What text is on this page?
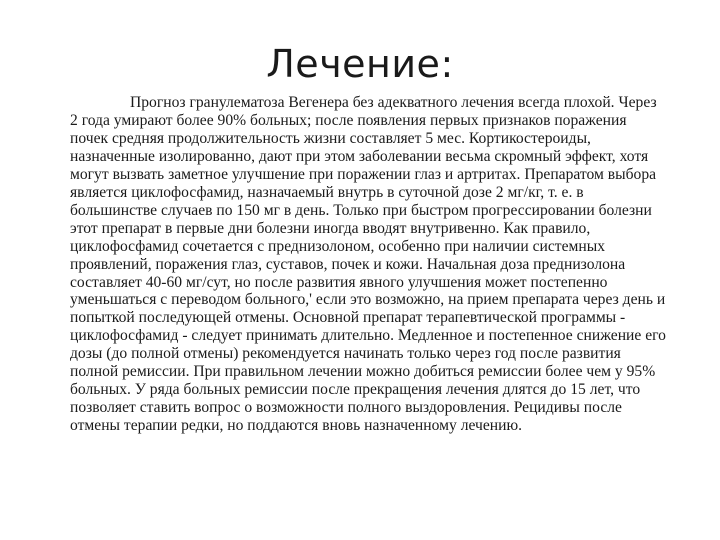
Лечение:

Прогноз гранулематоза Вегенера без адекватного лечения всегда плохой. Через 2 года умирают более 90% больных; после появления первых признаков поражения почек средняя продолжительность жизни составляет 5 мес. Кортикостероиды, назначенные изолированно, дают при этом заболевании весьма скромный эффект, хотя могут вызвать заметное улучшение при поражении глаз и артритах. Препаратом выбора является циклофосфамид, назначаемый внутрь в суточной дозе 2 мг/кг, т. е. в большинстве случаев по 150 мг в день. Только при быстром прогрессировании болезни этот препарат в первые дни болезни иногда вводят внутривенно. Как правило, циклофосфамид сочетается с преднизолоном, особенно при наличии системных проявлений, поражения глаз, суставов, почек и кожи. Начальная доза преднизолона составляет 40-60 мг/сут, но после развития явного улучшения может постепенно уменьшаться с переводом больного,' если это возможно, на прием препарата через день и попыткой последующей отмены. Основной препарат терапевтической программы - циклофосфамид - следует принимать длительно. Медленное и постепенное снижение его дозы (до полной отмены) рекомендуется начинать только через год после развития полной ремиссии. При правильном лечении можно добиться ремиссии более чем у 95% больных. У ряда больных ремиссии после прекращения лечения длятся до 15 лет, что позволяет ставить вопрос о возможности полного выздоровления. Рецидивы после отмены терапии редки, но поддаются вновь назначенному лечению.
